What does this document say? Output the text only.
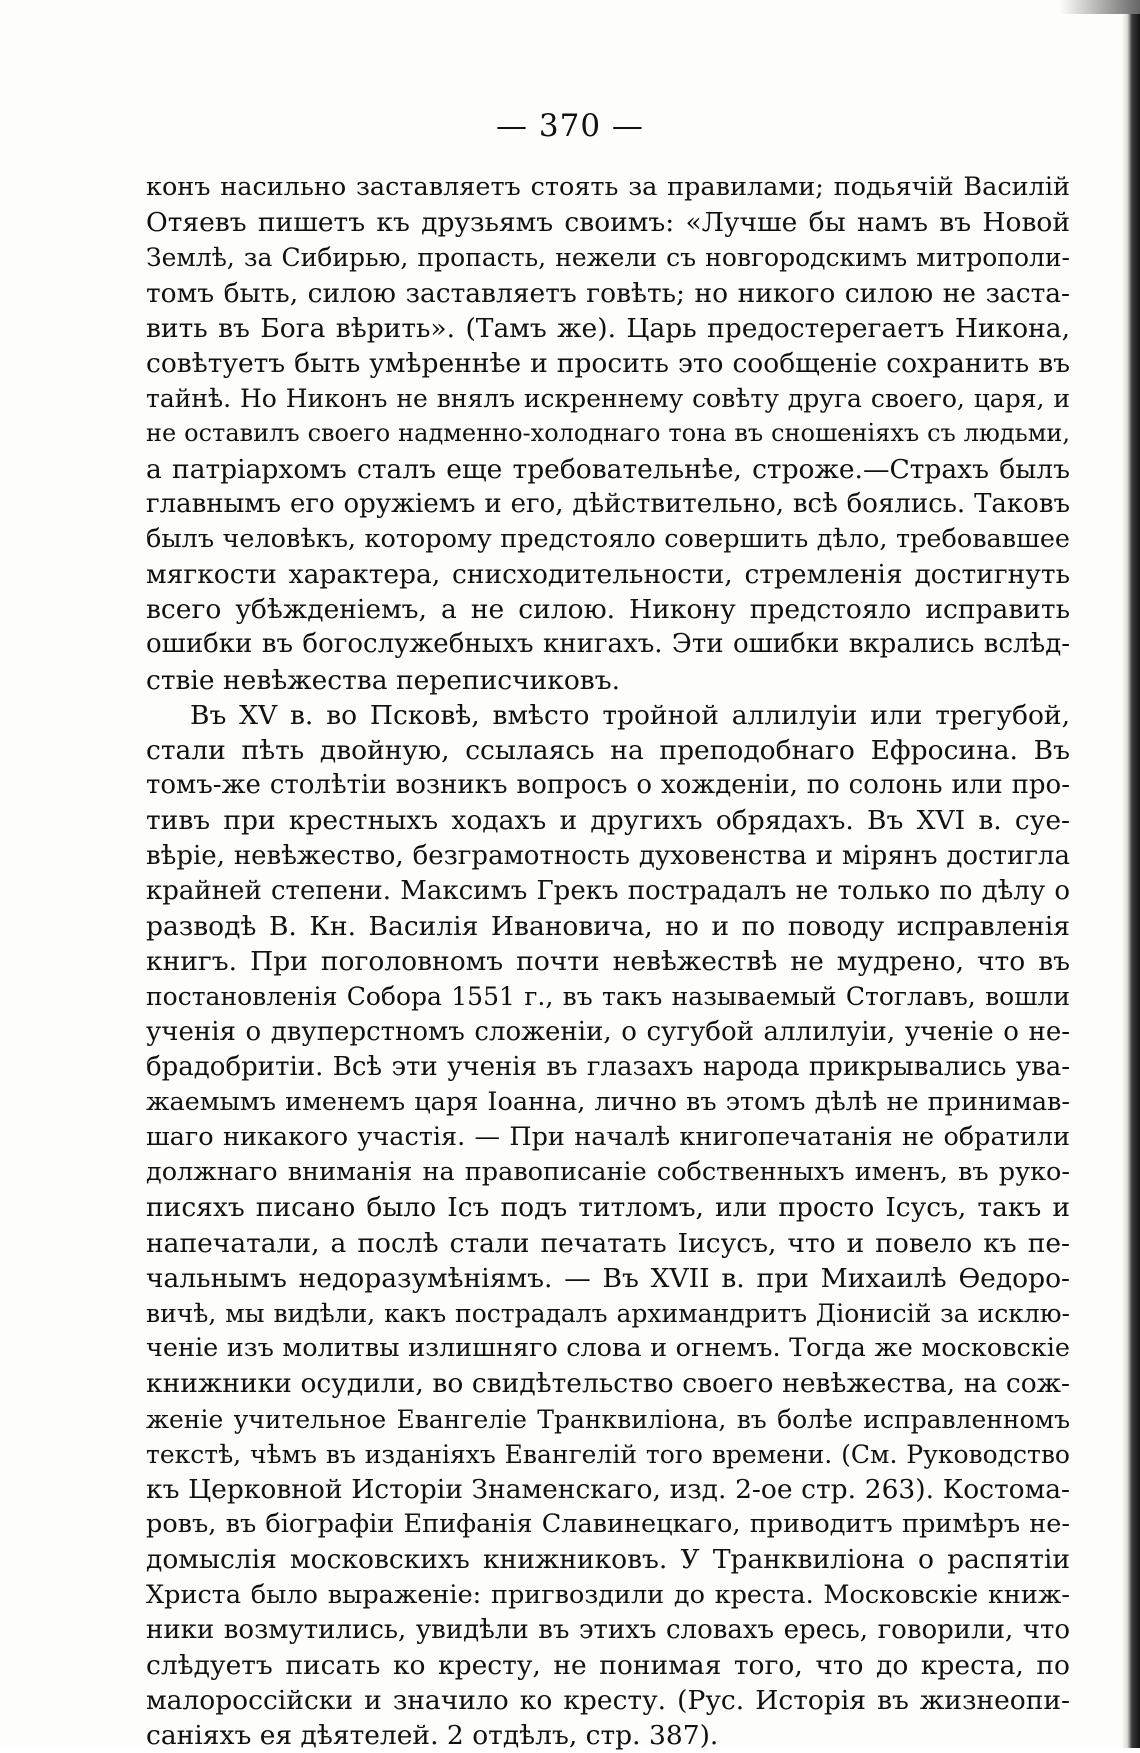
— 370 —
конъ насильно заставляетъ стоять за правилами; подьячій Василій
Отяевъ пишетъ къ друзьямъ своимъ: «Лучше бы намъ въ Новой
Землѣ, за Сибирью, пропасть, нежели съ новгородскимъ митрополи-
томъ быть, силою заставляетъ говѣть; но никого силою не заста-
вить въ Бога вѣрить». (Тамъ же). Царь предостерегаетъ Никона,
совѣтуетъ быть умѣреннѣе и просить это сообщеніе сохранить въ
тайнѣ. Но Никонъ не внялъ искреннему совѣту друга своего, царя, и
не оставилъ своего надменно-холоднаго тона въ сношеніяхъ съ людьми,
а патріархомъ сталъ еще требовательнѣе, строже.—Страхъ былъ
главнымъ его оружіемъ и его, дѣйствительно, всѣ боялись. Таковъ
былъ человѣкъ, которому предстояло совершить дѣло, требовавшее
мягкости характера, снисходительности, стремленія достигнуть
всего убѣжденіемъ, а не силою. Никону предстояло исправить
ошибки въ богослужебныхъ книгахъ. Эти ошибки вкрались вслѣд-
ствіе невѣжества переписчиковъ.
Въ XV в. во Псковѣ, вмѣсто тройной аллилуіи или трегубой,
стали пѣть двойную, ссылаясь на преподобнаго Ефросина. Въ
томъ-же столѣтіи возникъ вопросъ о хожденіи, по солонь или про-
тивъ при крестныхъ ходахъ и другихъ обрядахъ. Въ XVI в. суе-
вѣріе, невѣжество, безграмотность духовенства и мірянъ достигла
крайней степени. Максимъ Грекъ пострадалъ не только по дѣлу о
разводѣ В. Кн. Василія Ивановича, но и по поводу исправленія
книгъ. При поголовномъ почти невѣжествѣ не мудрено, что въ
постановленія Собора 1551 г., въ такъ называемый Стоглавъ, вошли
ученія о двуперстномъ сложеніи, о сугубой аллилуіи, ученіе о не-
брадобритіи. Всѣ эти ученія въ глазахъ народа прикрывались ува-
жаемымъ именемъ царя Іоанна, лично въ этомъ дѣлѣ не принимав-
шаго никакого участія. — При началѣ книгопечатанія не обратили
должнаго вниманія на правописаніе собственныхъ именъ, въ руко-
писяхъ писано было Ісъ подъ титломъ, или просто Ісусъ, такъ и
напечатали, а послѣ стали печатать Іисусъ, что и повело къ пе-
чальнымъ недоразумѣніямъ. — Въ XVII в. при Михаилѣ Ѳедоро-
вичѣ, мы видѣли, какъ пострадалъ архимандритъ Діонисій за исклю-
ченіе изъ молитвы излишняго слова и огнемъ. Тогда же московскіе
книжники осудили, во свидѣтельство своего невѣжества, на сож-
женіе учительное Евангеліе Транквиліона, въ болѣе исправленномъ
текстѣ, чѣмъ въ изданіяхъ Евангелій того времени. (См. Руководство
къ Церковной Исторіи Знаменскаго, изд. 2-ое стр. 263). Костома-
ровъ, въ біографіи Епифанія Славинецкаго, приводитъ примѣръ не-
домыслія московскихъ книжниковъ. У Транквиліона о распятіи
Христа было выраженіе: пригвоздили до креста. Московскіе книж-
ники возмутились, увидѣли въ этихъ словахъ ересь, говорили, что
слѣдуетъ писать ко кресту, не понимая того, что до креста, по
малороссійски и значило ко кресту. (Рус. Исторія въ жизнеопи-
саніяхъ ея дѣятелей. 2 отдѣлъ, стр. 387).
